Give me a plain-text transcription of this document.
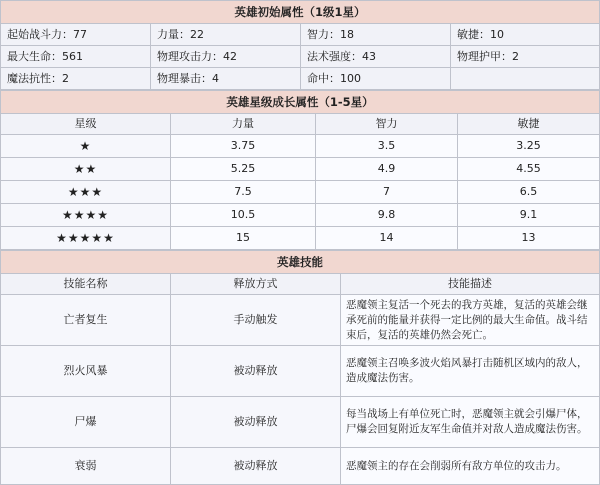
英雄初始属性（1级1星）			
起始战斗力：77	力量：22	智力：18	敏捷：10
最大生命：561	物理攻击力：42	法术强度：43	物理护甲：2
魔法抗性：2	物理暴击：4	命中：100	
英雄星级成长属性（1-5星）			
星级	力量	智力	敏捷
★	3.75	3.5	3.25
★★	5.25	4.9	4.55
★★★	7.5	7	6.5
★★★★	10.5	9.8	9.1
★★★★★	15	14	13
英雄技能		
技能名称	释放方式	技能描述
亡者复生	手动触发	恶魔领主复活一个死去的我方英雄，复活的英雄会继承死前的能量并获得一定比例的最大生命值。战斗结束后，复活的英雄仍然会死亡。
烈火风暴	被动释放	恶魔领主召唤多波火焰风暴打击随机区域内的敌人，造成魔法伤害。
尸爆	被动释放	每当战场上有单位死亡时，恶魔领主就会引爆尸体，尸爆会回复附近友军生命值并对敌人造成魔法伤害。
衰弱	被动释放	恶魔领主的存在会削弱所有敌方单位的攻击力。
